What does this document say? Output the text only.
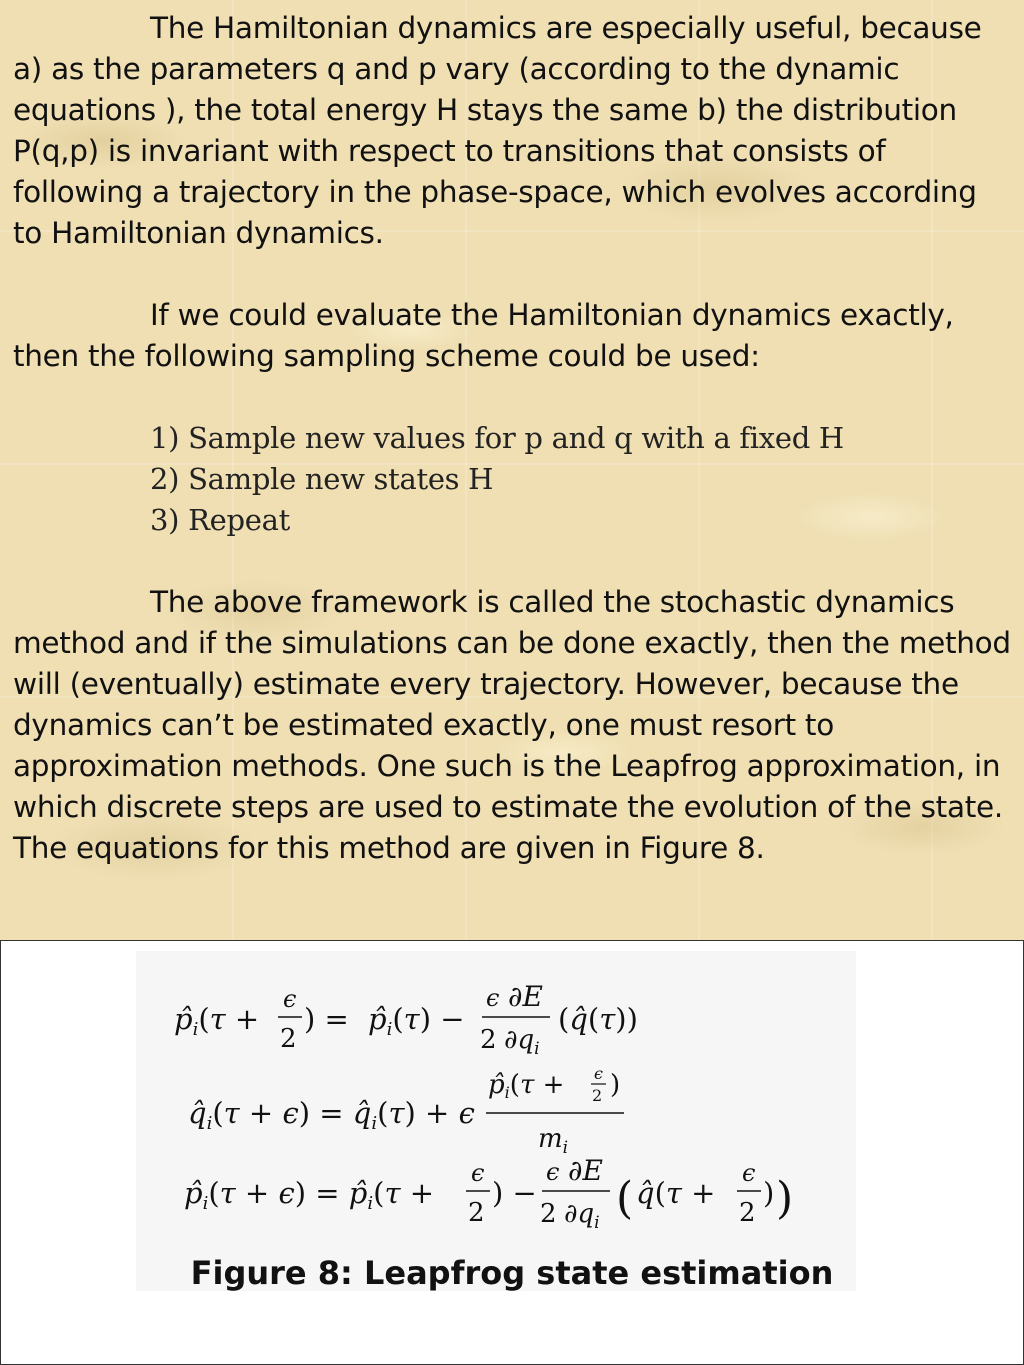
The Hamiltonian dynamics are especially useful, because a) as the parameters q and p vary (according to the dynamic equations ), the total energy H stays the same b) the distribution P(q,p) is invariant with respect to transitions that consists of following a trajectory in the phase-space, which evolves according to Hamiltonian dynamics.

If we could evaluate the Hamiltonian dynamics exactly, then the following sampling scheme could be used:

1) Sample new values for p and q with a fixed H
2) Sample new states H
3) Repeat

The above framework is called the stochastic dynamics method and if the simulations can be done exactly, then the method will (eventually) estimate every trajectory. However, because the dynamics can’t be estimated exactly, one must resort to approximation methods. One such is the Leapfrog approximation, in which discrete steps are used to estimate the evolution of the state. The equations for this method are given in Figure 8.

$p̂_i(\tau$ +
ϵ
2
) = $p̂_i(\tau)$ −
ϵ ∂E
2 $\partial q_i$
(q̂(τ))
$q̂_i(\tau + \epsilon)$ = $q̂_i(\tau) + \epsilon$
p̂i(τ + ϵ
2 )
$m_i$
$p̂_i(\tau + \epsilon)$ = $p̂_i(\tau$ +
ϵ
2
) −
ϵ ∂E
2 $\partial q_i$ ( q̂(τ +
ϵ
2
) )
Figure 8: Leapfrog state estimation
